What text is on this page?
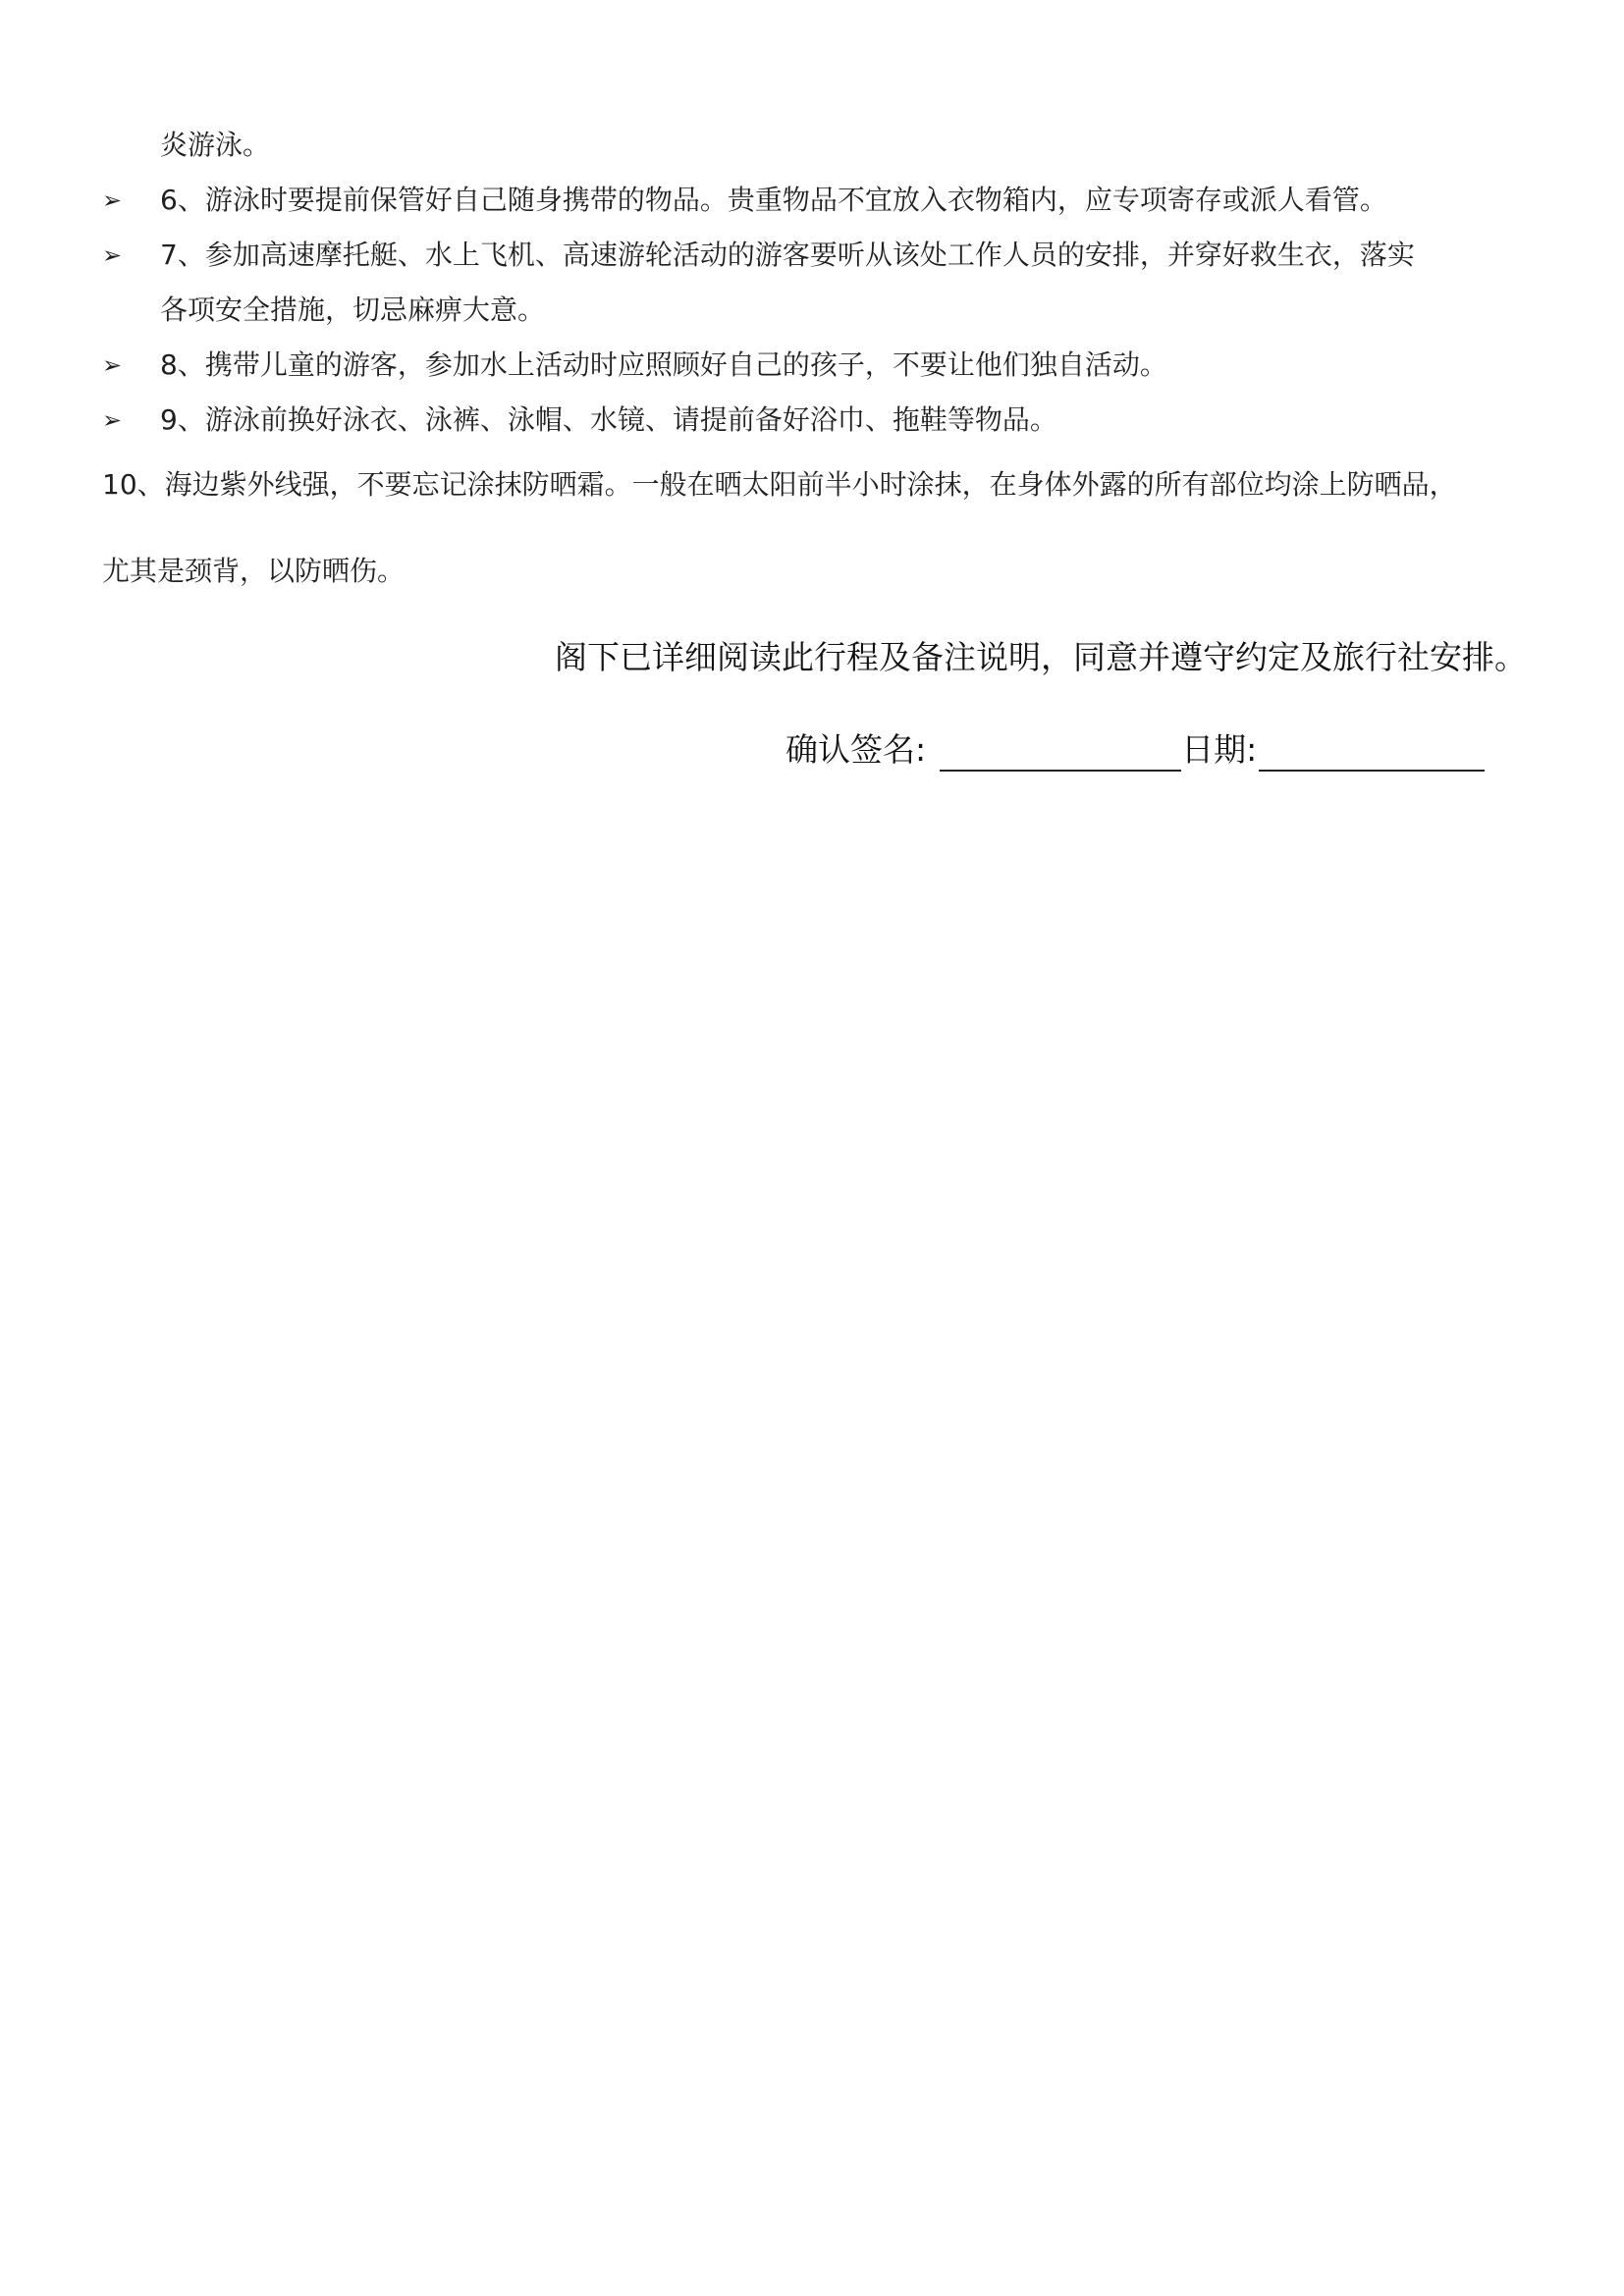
炎游泳。
➢ 6、游泳时要提前保管好自己随身携带的物品。贵重物品不宜放入衣物箱内，应专项寄存或派人看管。
➢ 7、参加高速摩托艇、水上飞机、高速游轮活动的游客要听从该处工作人员的安排，并穿好救生衣，落实
各项安全措施，切忌麻痹大意。
➢ 8、携带儿童的游客，参加水上活动时应照顾好自己的孩子，不要让他们独自活动。
➢ 9、游泳前换好泳衣、泳裤、泳帽、水镜、请提前备好浴巾、拖鞋等物品。
10、海边紫外线强，不要忘记涂抹防晒霜。一般在晒太阳前半小时涂抹，在身体外露的所有部位均涂上防晒品，
尤其是颈背，以防晒伤。
阁下已详细阅读此行程及备注说明，同意并遵守约定及旅行社安排。
确认签名:	日期:
